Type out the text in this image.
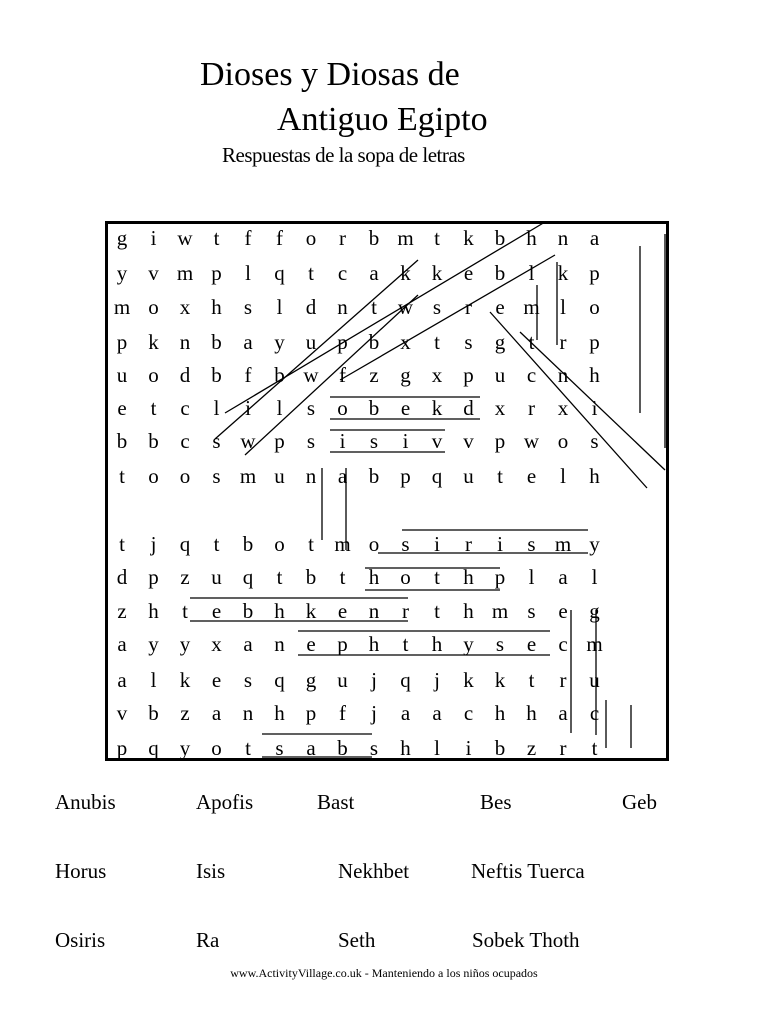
Dioses y Diosas de
Antiguo Egipto
Respuestas de la sopa de letras
g	i w	t	f	f	o	r	b m t	k	b	h	n	a
y	v m p	l	q	t	c	a	k	k	e	b	l	k	p
m o	x	h	s	l	d	n	t w s	r	e m l	o
p	k	n	b	a	y	u	p	b	x	t	s	g	t	r	p
u	o	d	b	f	b w f	z	g	x	p	u	c	n	h
e	t	c	l	i	l	s	o	b	e	k	d	x	r	x	i
b	b	c	s w p	s	i	s	i	v	v	p w o	s
t	o	o	s m u	n	a	b	p	q	u	t	e	l	h
t	j	q	t	b	o	t m o	s	i	r	i	s m y
d	p	z	u	q	t	b	t	h	o	t	h	p	l	a	l
z	h	t	e	b	h	k	e	n	r	t	h m s	e	g
a	y	y	x	a	n	e	p	h	t	h	y	s	e	c m
a	l	k	e	s	q	g	u	j	q	j	k	k	t	r	u
v	b	z	a	n	h	p	f	j	a	a	c	h	h	a	c
p	q	y	o	t	s	a	b	s	h	l	i	b	z	r	t
Anubis	Apofis	Bast	Bes	Geb
Horus	Isis	Nekhbet	Neftis Tuerca
Osiris	Ra	Seth	Sobek Thoth
www.ActivityVillage.co.uk - Manteniendo a los niños ocupados
